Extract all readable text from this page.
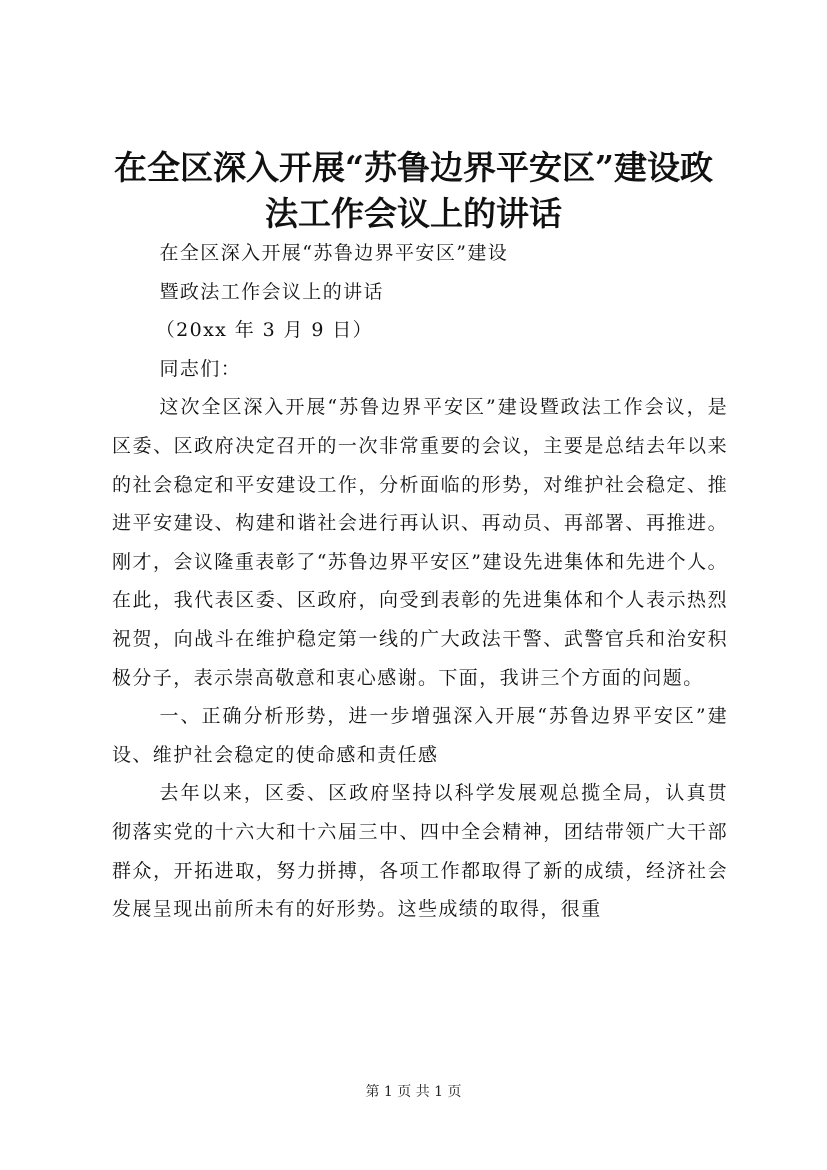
在全区深入开展“苏鲁边界平安区”建设政法工作会议上的讲话

在全区深入开展“苏鲁边界平安区”建设

暨政法工作会议上的讲话

（20xx 年 3 月 9 日）

同志们：

这次全区深入开展“苏鲁边界平安区”建设暨政法工作会议，是区委、区政府决定召开的一次非常重要的会议，主要是总结去年以来的社会稳定和平安建设工作，分析面临的形势，对维护社会稳定、推进平安建设、构建和谐社会进行再认识、再动员、再部署、再推进。刚才，会议隆重表彰了“苏鲁边界平安区”建设先进集体和先进个人。在此，我代表区委、区政府，向受到表彰的先进集体和个人表示热烈祝贺，向战斗在维护稳定第一线的广大政法干警、武警官兵和治安积极分子，表示崇高敬意和衷心感谢。下面，我讲三个方面的问题。

一、正确分析形势，进一步增强深入开展“苏鲁边界平安区”建设、维护社会稳定的使命感和责任感

去年以来，区委、区政府坚持以科学发展观总揽全局，认真贯彻落实党的十六大和十六届三中、四中全会精神，团结带领广大干部群众，开拓进取，努力拼搏，各项工作都取得了新的成绩，经济社会发展呈现出前所未有的好形势。这些成绩的取得，很重

第 1 页 共 1 页
